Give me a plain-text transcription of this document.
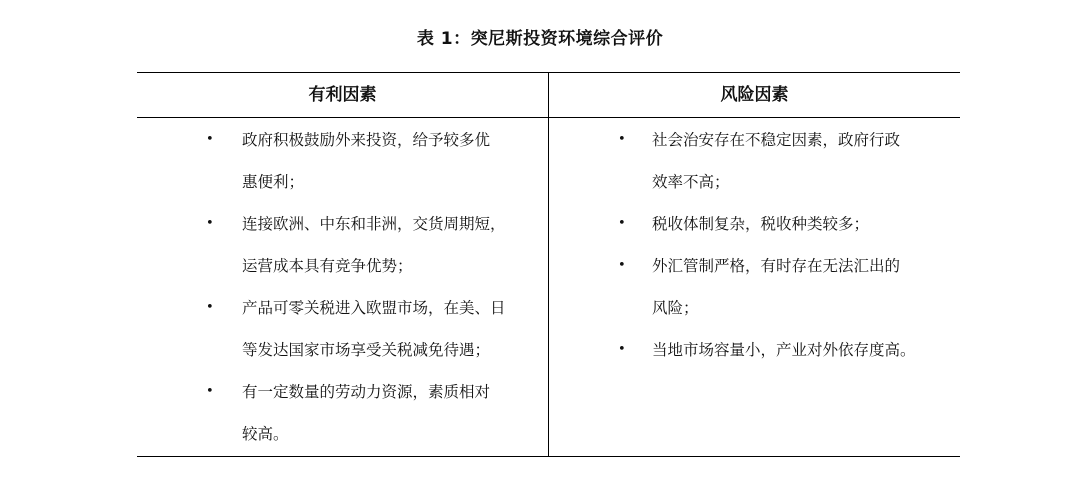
表 1：突尼斯投资环境综合评价
有利因素	风险因素
• 政府积极鼓励外来投资，给予较多优
惠便利；
• 连接欧洲、中东和非洲，交货周期短，
运营成本具有竞争优势；
• 产品可零关税进入欧盟市场，在美、日
等发达国家市场享受关税减免待遇；
• 有一定数量的劳动力资源，素质相对
较高。
• 社会治安存在不稳定因素，政府行政
效率不高；
• 税收体制复杂，税收种类较多；
• 外汇管制严格，有时存在无法汇出的
风险；
• 当地市场容量小，产业对外依存度高。
